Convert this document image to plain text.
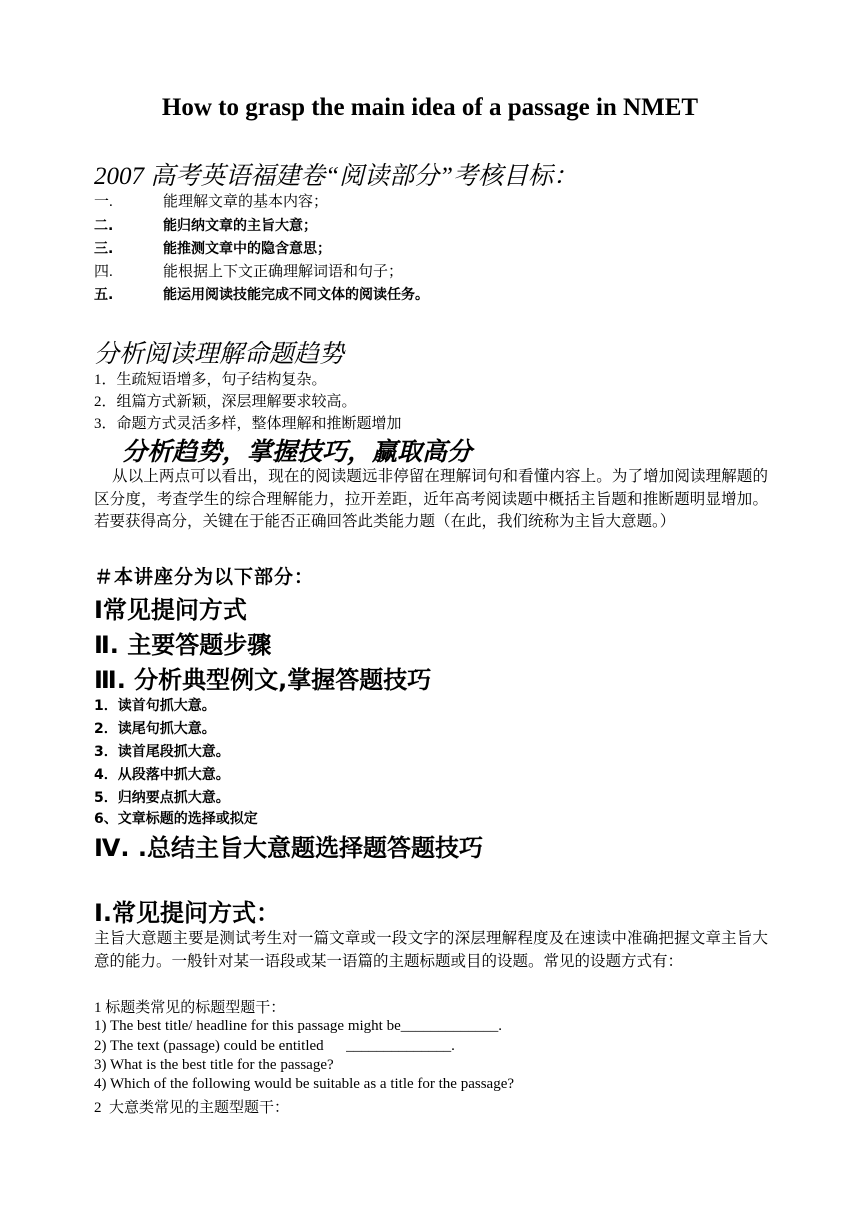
How to grasp the main idea of a passage in NMET
2007 高考英语福建卷“阅读部分”考核目标：
一.	能理解文章的基本内容；
二.	能归纳文章的主旨大意；
三.	能推测文章中的隐含意思；
四.	能根据上下文正确理解词语和句子；
五.	能运用阅读技能完成不同文体的阅读任务。
分析阅读理解命题趋势
1．生疏短语增多，句子结构复杂。
2．组篇方式新颖，深层理解要求较高。
3．命题方式灵活多样，整体理解和推断题增加
分析趋势，掌握技巧，赢取高分
从以上两点可以看出，现在的阅读题远非停留在理解词句和看懂内容上。为了增加阅读理解题的区分度，考查学生的综合理解能力，拉开差距，近年高考阅读题中概括主旨题和推断题明显增加。若要获得高分，关键在于能否正确回答此类能力题（在此，我们统称为主旨大意题。）
＃本讲座分为以下部分：
Ⅰ常见提问方式
Ⅱ. 主要答题步骤
Ⅲ. 分析典型例文,掌握答题技巧
1．读首句抓大意。
2．读尾句抓大意。
3．读首尾段抓大意。
4．从段落中抓大意。
5．归纳要点抓大意。
6、文章标题的选择或拟定
Ⅳ. .总结主旨大意题选择题答题技巧
Ⅰ.常见提问方式：
主旨大意题主要是测试考生对一篇文章或一段文字的深层理解程度及在速读中准确把握文章主旨大意的能力。一般针对某一语段或某一语篇的主题标题或目的设题。常见的设题方式有：
1 标题类常见的标题型题干：
1) The best title/ headline for this passage might be_____________.
2) The text (passage) could be entitled      ______________.
3) What is the best title for the passage?
4) Which of the following would be suitable as a title for the passage?
2  大意类常见的主题型题干：
